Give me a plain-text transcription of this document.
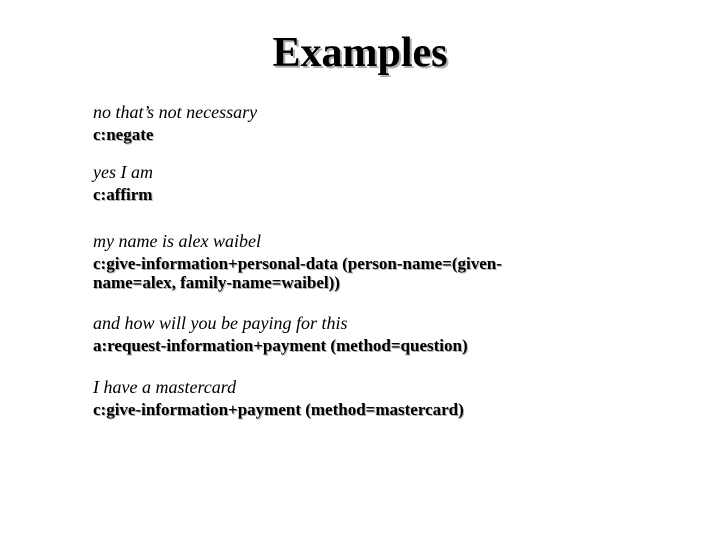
Examples
no that’s not necessary
c:negate
yes I am
c:affirm
my name is alex waibel
c:give-information+personal-data (person-name=(given-name=alex, family-name=waibel))
and how will you be paying for this
a:request-information+payment (method=question)
I have a mastercard
c:give-information+payment (method=mastercard)
